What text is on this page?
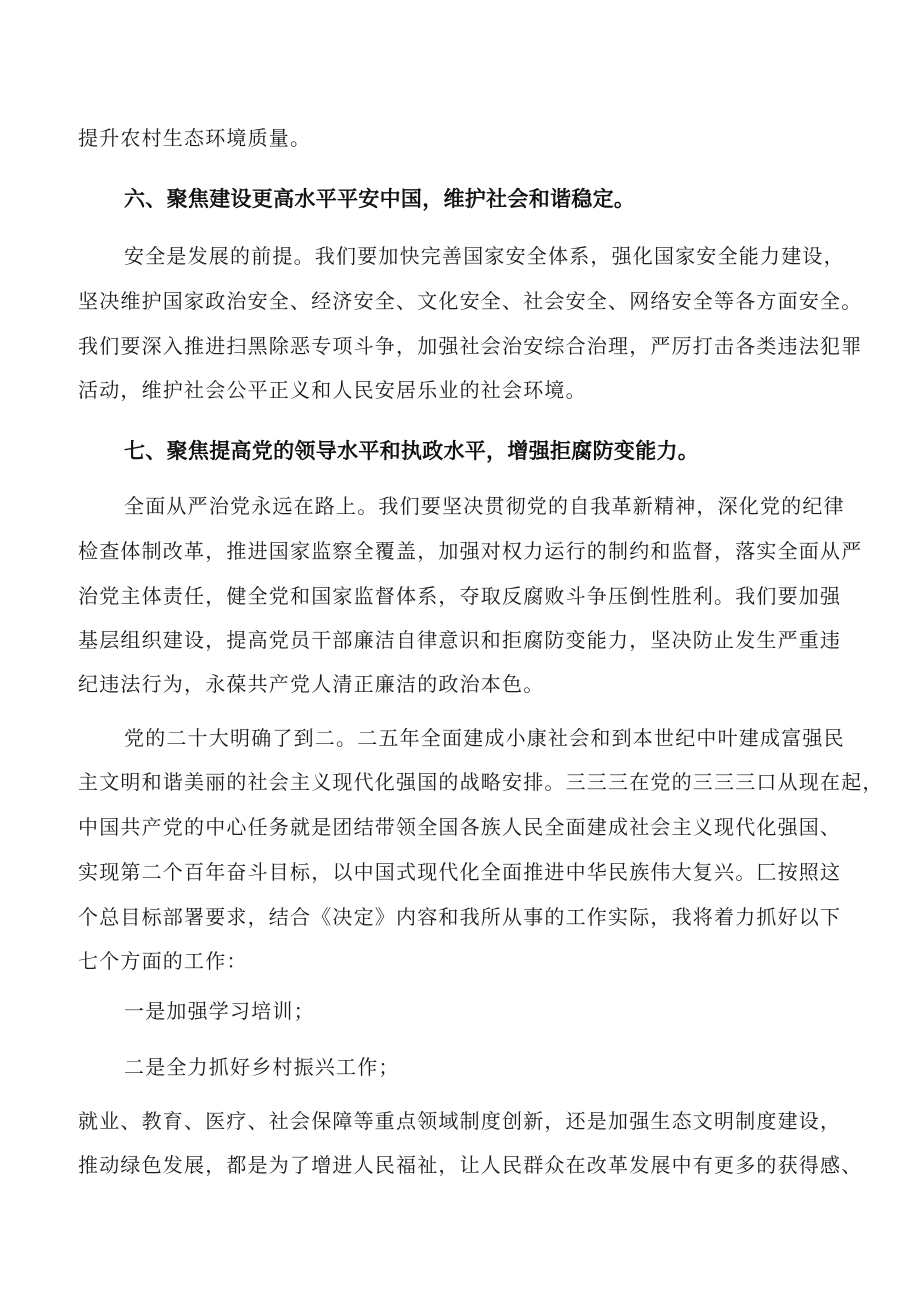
提升农村生态环境质量。
六、聚焦建设更高水平平安中国，维护社会和谐稳定。
安全是发展的前提。我们要加快完善国家安全体系，强化国家安全能力建设，
坚决维护国家政治安全、经济安全、文化安全、社会安全、网络安全等各方面安全。
我们要深入推进扫黑除恶专项斗争，加强社会治安综合治理，严厉打击各类违法犯罪
活动，维护社会公平正义和人民安居乐业的社会环境。
七、聚焦提高党的领导水平和执政水平，增强拒腐防变能力。
全面从严治党永远在路上。我们要坚决贯彻党的自我革新精神，深化党的纪律
检查体制改革，推进国家监察全覆盖，加强对权力运行的制约和监督，落实全面从严
治党主体责任，健全党和国家监督体系，夺取反腐败斗争压倒性胜利。我们要加强
基层组织建设，提高党员干部廉洁自律意识和拒腐防变能力，坚决防止发生严重违
纪违法行为，永葆共产党人清正廉洁的政治本色。
党的二十大明确了到二。二五年全面建成小康社会和到本世纪中叶建成富强民
主文明和谐美丽的社会主义现代化强国的战略安排。三三三在党的三三三口从现在起，
中国共产党的中心任务就是团结带领全国各族人民全面建成社会主义现代化强国、
实现第二个百年奋斗目标，以中国式现代化全面推进中华民族伟大复兴。匚按照这
个总目标部署要求，结合《决定》内容和我所从事的工作实际，我将着力抓好以下
七个方面的工作：
一是加强学习培训；
二是全力抓好乡村振兴工作；
就业、教育、医疗、社会保障等重点领域制度创新，还是加强生态文明制度建设，
推动绿色发展，都是为了增进人民福祉，让人民群众在改革发展中有更多的获得感、
